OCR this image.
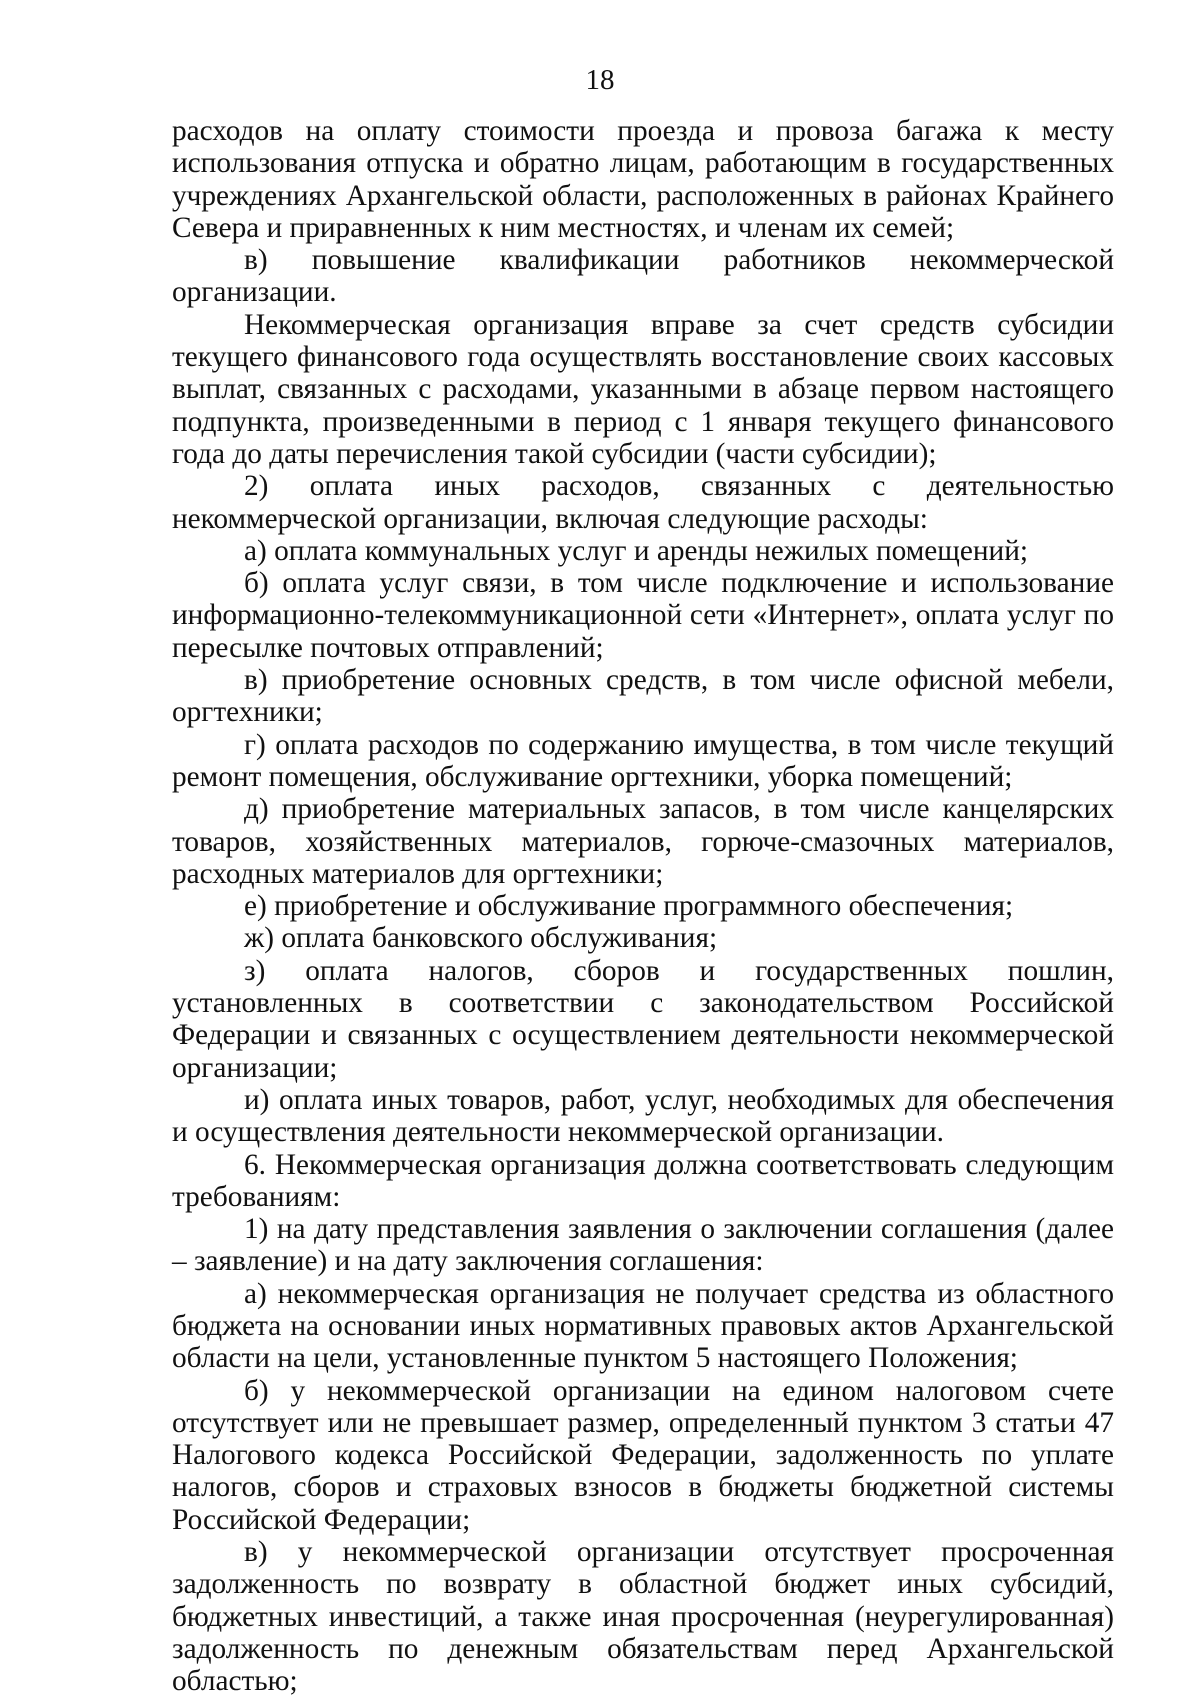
18

расходов на оплату стоимости проезда и провоза багажа к месту использования отпуска и обратно лицам, работающим в государственных учреждениях Архангельской области, расположенных в районах Крайнего Севера и приравненных к ним местностях, и членам их семей;

в) повышение квалификации работников некоммерческой организации.

Некоммерческая организация вправе за счет средств субсидии текущего финансового года осуществлять восстановление своих кассовых выплат, связанных с расходами, указанными в абзаце первом настоящего подпункта, произведенными в период с 1 января текущего финансового года до даты перечисления такой субсидии (части субсидии);

2) оплата иных расходов, связанных с деятельностью некоммерческой организации, включая следующие расходы:

а) оплата коммунальных услуг и аренды нежилых помещений;

б) оплата услуг связи, в том числе подключение и использование информационно-телекоммуникационной сети «Интернет», оплата услуг по пересылке почтовых отправлений;

в) приобретение основных средств, в том числе офисной мебели, оргтехники;

г) оплата расходов по содержанию имущества, в том числе текущий ремонт помещения, обслуживание оргтехники, уборка помещений;

д) приобретение материальных запасов, в том числе канцелярских товаров, хозяйственных материалов, горюче-смазочных материалов, расходных материалов для оргтехники;

е) приобретение и обслуживание программного обеспечения;

ж) оплата банковского обслуживания;

з) оплата налогов, сборов и государственных пошлин, установленных в соответствии с законодательством Российской Федерации и связанных с осуществлением деятельности некоммерческой организации;

и) оплата иных товаров, работ, услуг, необходимых для обеспечения и осуществления деятельности некоммерческой организации.

6. Некоммерческая организация должна соответствовать следующим требованиям:

1) на дату представления заявления о заключении соглашения (далее – заявление) и на дату заключения соглашения:

а) некоммерческая организация не получает средства из областного бюджета на основании иных нормативных правовых актов Архангельской области на цели, установленные пунктом 5 настоящего Положения;

б) у некоммерческой организации на едином налоговом счете отсутствует или не превышает размер, определенный пунктом 3 статьи 47 Налогового кодекса Российской Федерации, задолженность по уплате налогов, сборов и страховых взносов в бюджеты бюджетной системы Российской Федерации;

в) у некоммерческой организации отсутствует просроченная задолженность по возврату в областной бюджет иных субсидий, бюджетных инвестиций, а также иная просроченная (неурегулированная) задолженность по денежным обязательствам перед Архангельской областью;
